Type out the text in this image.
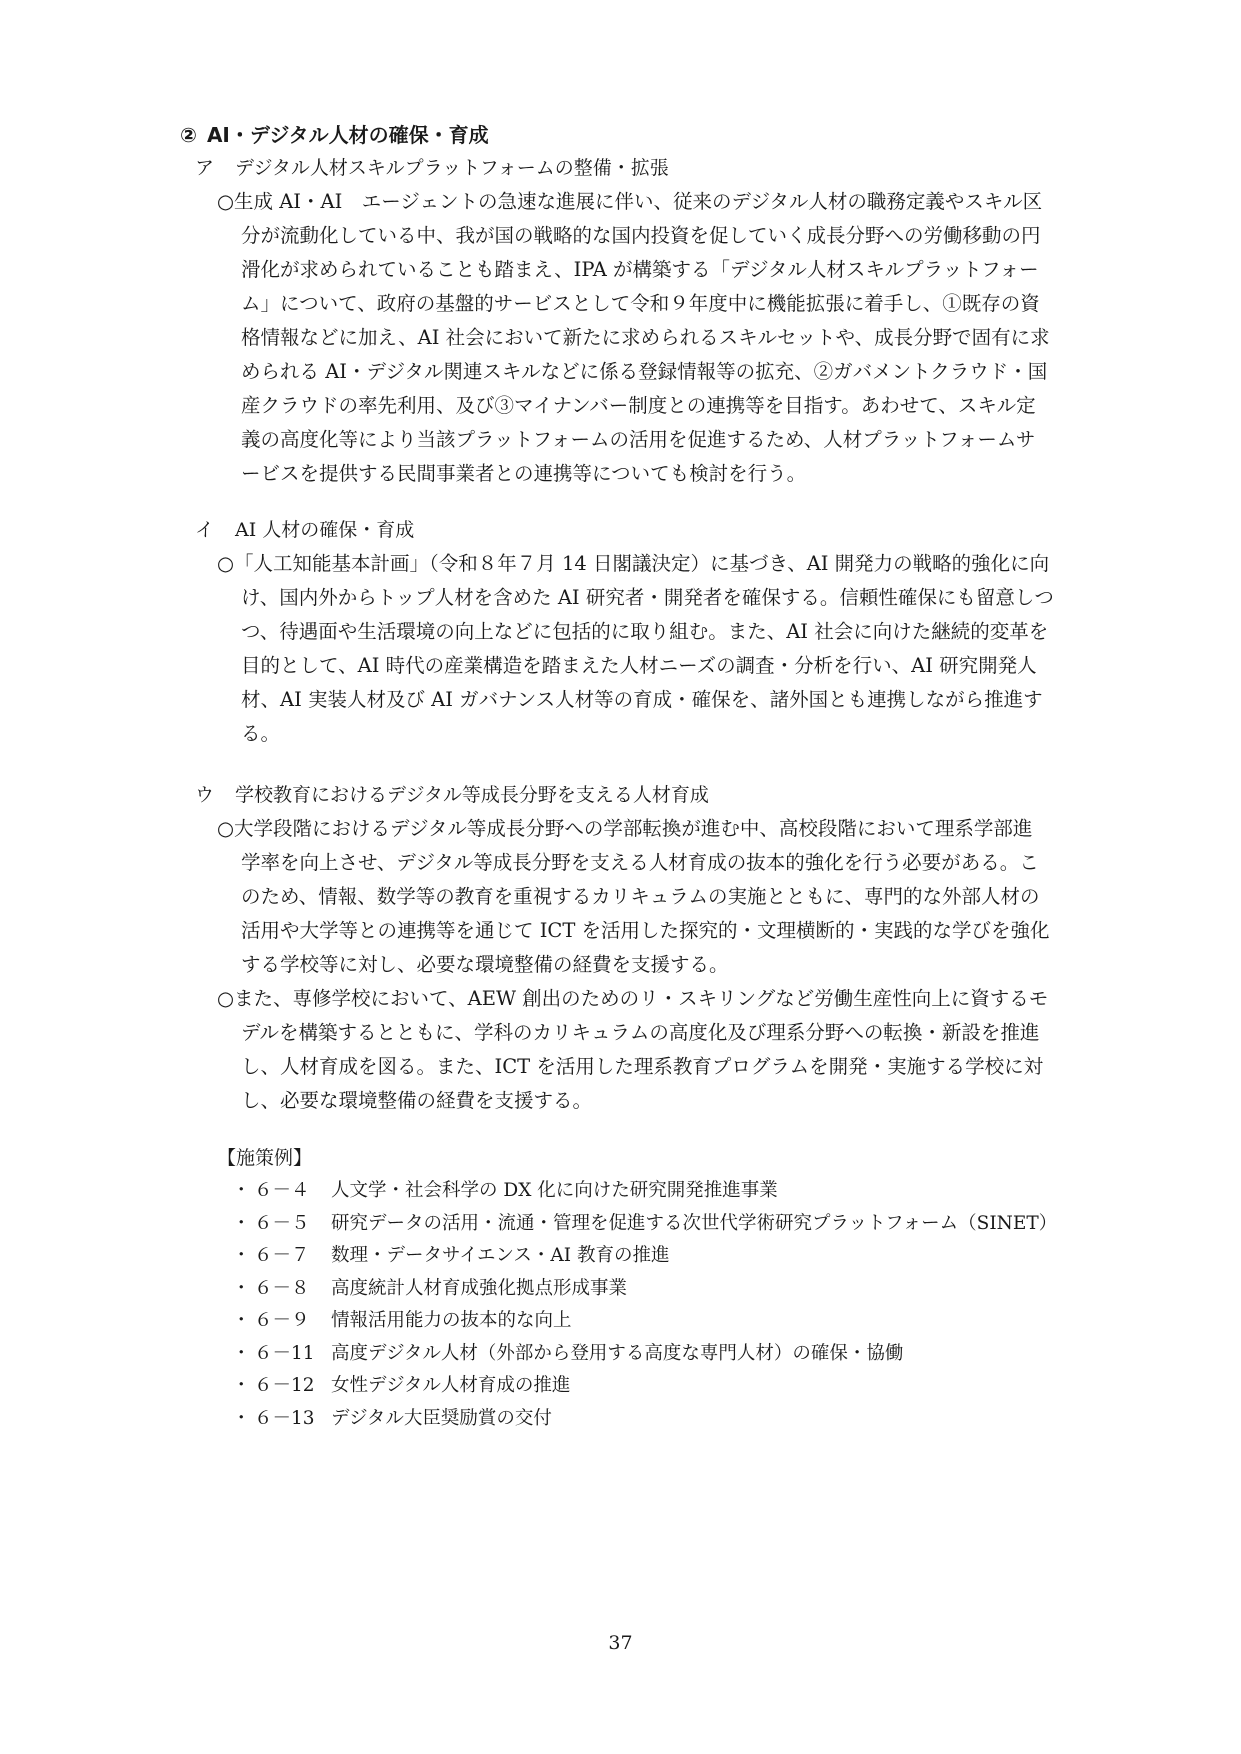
② AI・デジタル人材の確保・育成
ア デジタル人材スキルプラットフォームの整備・拡張
○生成 AI・AI　エージェントの急速な進展に伴い、従来のデジタル人材の職務定義やスキル区
分が流動化している中、我が国の戦略的な国内投資を促していく成長分野への労働移動の円
滑化が求められていることも踏まえ、IPA が構築する「デジタル人材スキルプラットフォー
ム」について、政府の基盤的サービスとして令和９年度中に機能拡張に着手し、①既存の資
格情報などに加え、AI 社会において新たに求められるスキルセットや、成長分野で固有に求
められる AI・デジタル関連スキルなどに係る登録情報等の拡充、②ガバメントクラウド・国
産クラウドの率先利用、及び③マイナンバー制度との連携等を目指す。あわせて、スキル定
義の高度化等により当該プラットフォームの活用を促進するため、人材プラットフォームサ
ービスを提供する民間事業者との連携等についても検討を行う。
イ AI 人材の確保・育成
○「人工知能基本計画」（令和８年７月 14 日閣議決定）に基づき、AI 開発力の戦略的強化に向
け、国内外からトップ人材を含めた AI 研究者・開発者を確保する。信頼性確保にも留意しつ
つ、待遇面や生活環境の向上などに包括的に取り組む。また、AI 社会に向けた継続的変革を
目的として、AI 時代の産業構造を踏まえた人材ニーズの調査・分析を行い、AI 研究開発人
材、AI 実装人材及び AI ガバナンス人材等の育成・確保を、諸外国とも連携しながら推進す
る。
ウ 学校教育におけるデジタル等成長分野を支える人材育成
○大学段階におけるデジタル等成長分野への学部転換が進む中、高校段階において理系学部進
学率を向上させ、デジタル等成長分野を支える人材育成の抜本的強化を行う必要がある。こ
のため、情報、数学等の教育を重視するカリキュラムの実施とともに、専門的な外部人材の
活用や大学等との連携等を通じて ICT を活用した探究的・文理横断的・実践的な学びを強化
する学校等に対し、必要な環境整備の経費を支援する。
○また、専修学校において、AEW 創出のためのリ・スキリングなど労働生産性向上に資するモ
デルを構築するとともに、学科のカリキュラムの高度化及び理系分野への転換・新設を推進
し、人材育成を図る。また、ICT を活用した理系教育プログラムを開発・実施する学校に対
し、必要な環境整備の経費を支援する。
【施策例】
・ ６－４	人文学・社会科学の DX 化に向けた研究開発推進事業
・ ６－５	研究データの活用・流通・管理を促進する次世代学術研究プラットフォーム（SINET）
・ ６－７	数理・データサイエンス・AI 教育の推進
・ ６－８	高度統計人材育成強化拠点形成事業
・ ６－９	情報活用能力の抜本的な向上
・ ６－11 高度デジタル人材（外部から登用する高度な専門人材）の確保・協働
・ ６－12 女性デジタル人材育成の推進
・ ６－13 デジタル大臣奨励賞の交付
37
